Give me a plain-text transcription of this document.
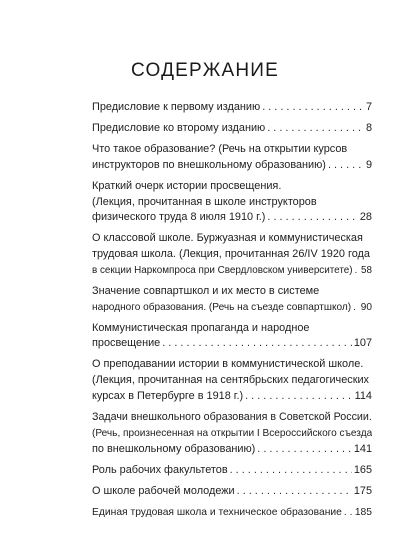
СОДЕРЖАНИЕ
Предисловие к первому изданию . . .	7
Предисловие ко второму изданию . . .	8
Что такое образование? (Речь на открытии курсов
инструкторов по внешкольному образованию) . . .	9
Краткий очерк истории просвещения.
(Лекция, прочитанная в школе инструкторов
физического труда 8 июля 1910 г.) . . .	28
О классовой школе. Буржуазная и коммунистическая
трудовая школа. (Лекция, прочитанная 26/IV 1920 года
в секции Наркомпроса при Свердловском университете) . . . 58
Значение совпартшкол и их место в системе
народного образования. (Речь на съезде совпартшкол) . . . 90
Коммунистическая пропаганда и народное
просвещение . . .	107
О преподавании истории в коммунистической школе.
(Лекция, прочитанная на сентябрьских педагогических
курсах в Петербурге в 1918 г.) . . .	114
Задачи внешкольного образования в Советской России.
(Речь, произнесенная на открытии I Всероссийского съезда
по внешкольному образованию) . . .	141
Роль рабочих факультетов . . .	165
О школе рабочей молодежи . . .	175
Единая трудовая школа и техническое образование . . . 185
